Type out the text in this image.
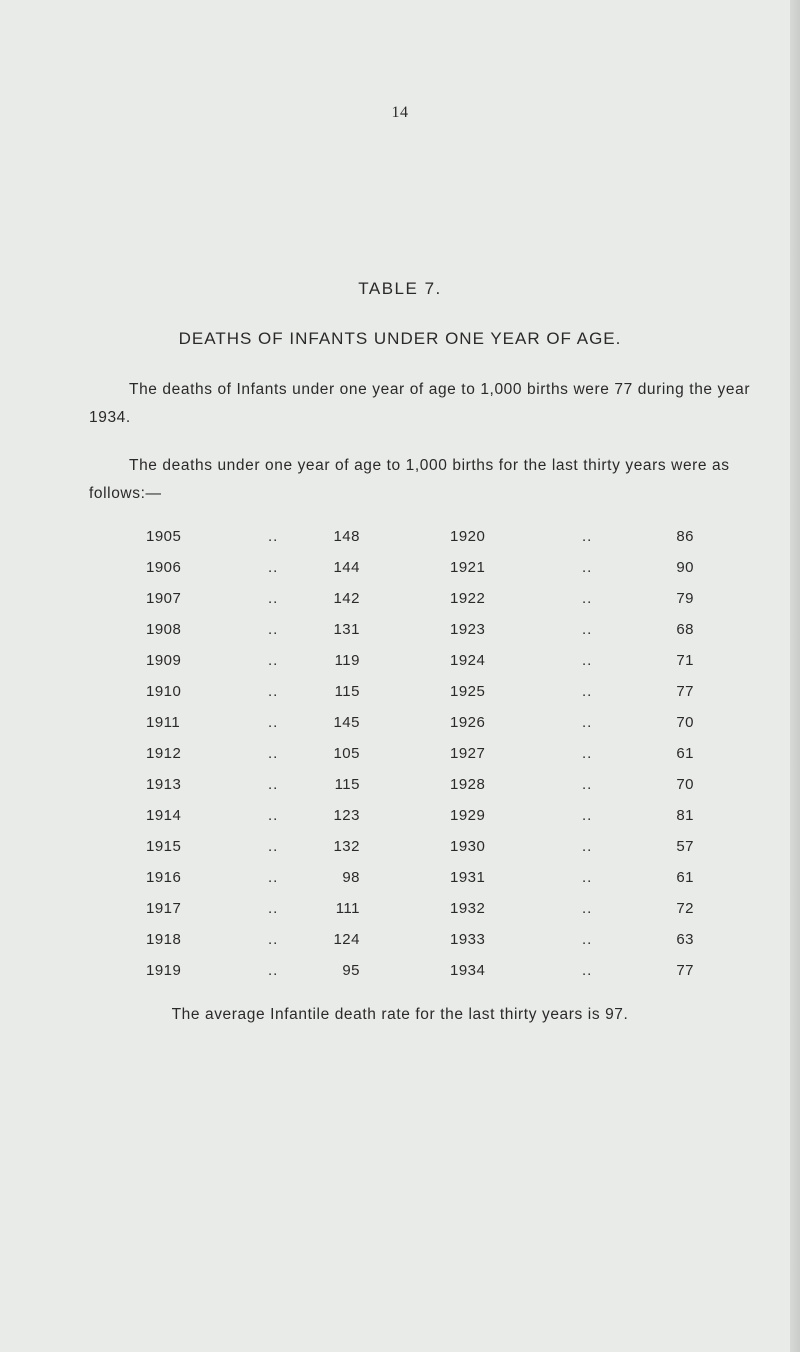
14
TABLE 7.
DEATHS OF INFANTS UNDER ONE YEAR OF AGE.
The deaths of Infants under one year of age to 1,000 births were 77 during the year 1934.
The deaths under one year of age to 1,000 births for the last thirty years were as follows:—
1905	..	148	1920	..	86
1906	..	144	1921	..	90
1907	..	142	1922	..	79
1908	..	131	1923	..	68
1909	..	119	1924	..	71
1910	..	115	1925	..	77
1911	..	145	1926	..	70
1912	..	105	1927	..	61
1913	..	115	1928	..	70
1914	..	123	1929	..	81
1915	..	132	1930	..	57
1916	..	98	1931	..	61
1917	..	111	1932	..	72
1918	..	124	1933	..	63
1919	..	95	1934	..	77
The average Infantile death rate for the last thirty years is 97.
